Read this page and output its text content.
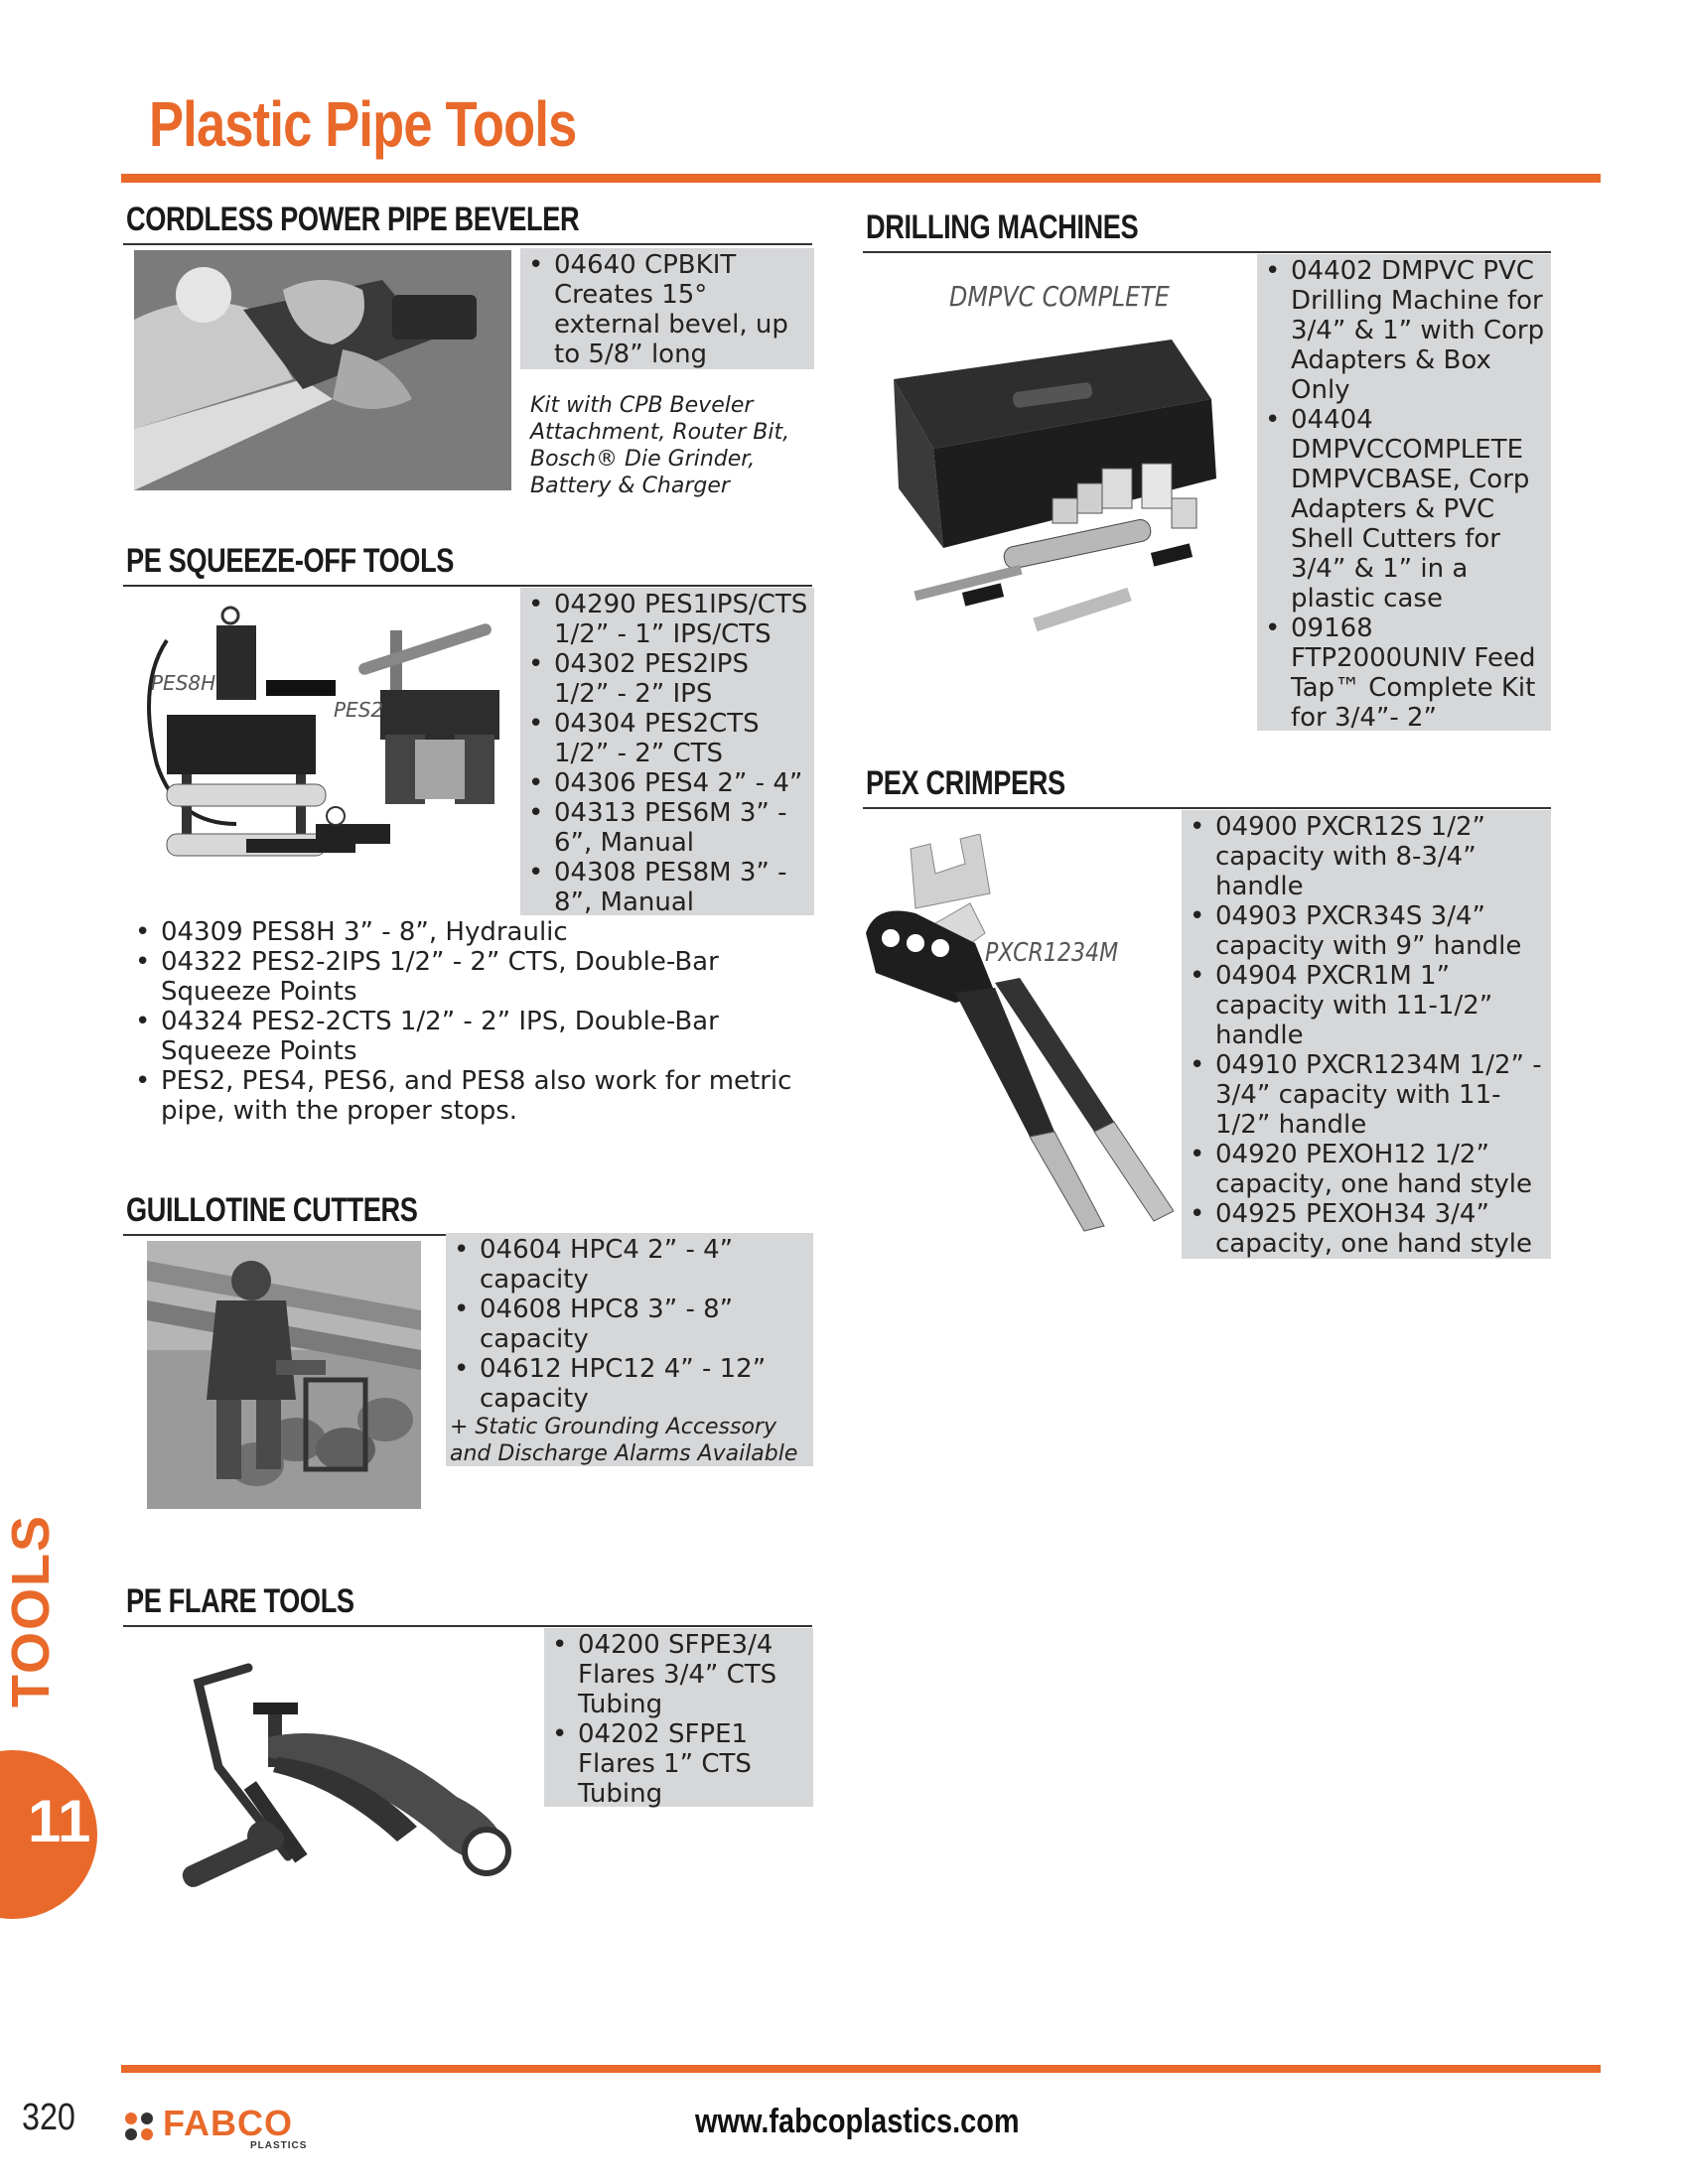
Plastic Pipe Tools
CORDLESS POWER PIPE BEVELER
• 04640 CPBKIT Creates 15° external bevel, up to 5/8” long
Kit with CPB Beveler Attachment, Router Bit, Bosch® Die Grinder, Battery & Charger
PE SQUEEZE-OFF TOOLS
PES8H
PES2
• 04290 PES1IPS/CTS 1/2” - 1” IPS/CTS
• 04302 PES2IPS 1/2” - 2” IPS
• 04304 PES2CTS 1/2” - 2” CTS
• 04306 PES4 2” - 4”
• 04313 PES6M 3” - 6”, Manual
• 04308 PES8M 3” - 8”, Manual
• 04309 PES8H 3” - 8”, Hydraulic
• 04322 PES2-2IPS 1/2” - 2” CTS, Double-Bar Squeeze Points
• 04324 PES2-2CTS 1/2” - 2” IPS, Double-Bar Squeeze Points
• PES2, PES4, PES6, and PES8 also work for metric pipe, with the proper stops.
GUILLOTINE CUTTERS
• 04604 HPC4 2” - 4” capacity
• 04608 HPC8 3” - 8” capacity
• 04612 HPC12 4” - 12” capacity
+ Static Grounding Accessory and Discharge Alarms Available
PE FLARE TOOLS
• 04200 SFPE3/4 Flares 3/4” CTS Tubing
• 04202 SFPE1 Flares 1” CTS Tubing
DRILLING MACHINES
DMPVC COMPLETE
• 04402 DMPVC PVC Drilling Machine for 3/4” & 1” with Corp Adapters & Box Only
• 04404 DMPVCCOMPLETE DMPVCBASE, Corp Adapters & PVC Shell Cutters for 3/4” & 1” in a plastic case
• 09168 FTP2000UNIV Feed Tap™ Complete Kit for 3/4”- 2”
PEX CRIMPERS
PXCR1234M
• 04900 PXCR12S 1/2” capacity with 8-3/4” handle
• 04903 PXCR34S 3/4” capacity with 9” handle
• 04904 PXCR1M 1” capacity with 11-1/2” handle
• 04910 PXCR1234M 1/2” - 3/4” capacity with 11-1/2” handle
• 04920 PEXOH12 1/2” capacity, one hand style
• 04925 PEXOH34 3/4” capacity, one hand style
TOOLS
11
320 FABCO
PLASTICS
www.fabcoplastics.com
